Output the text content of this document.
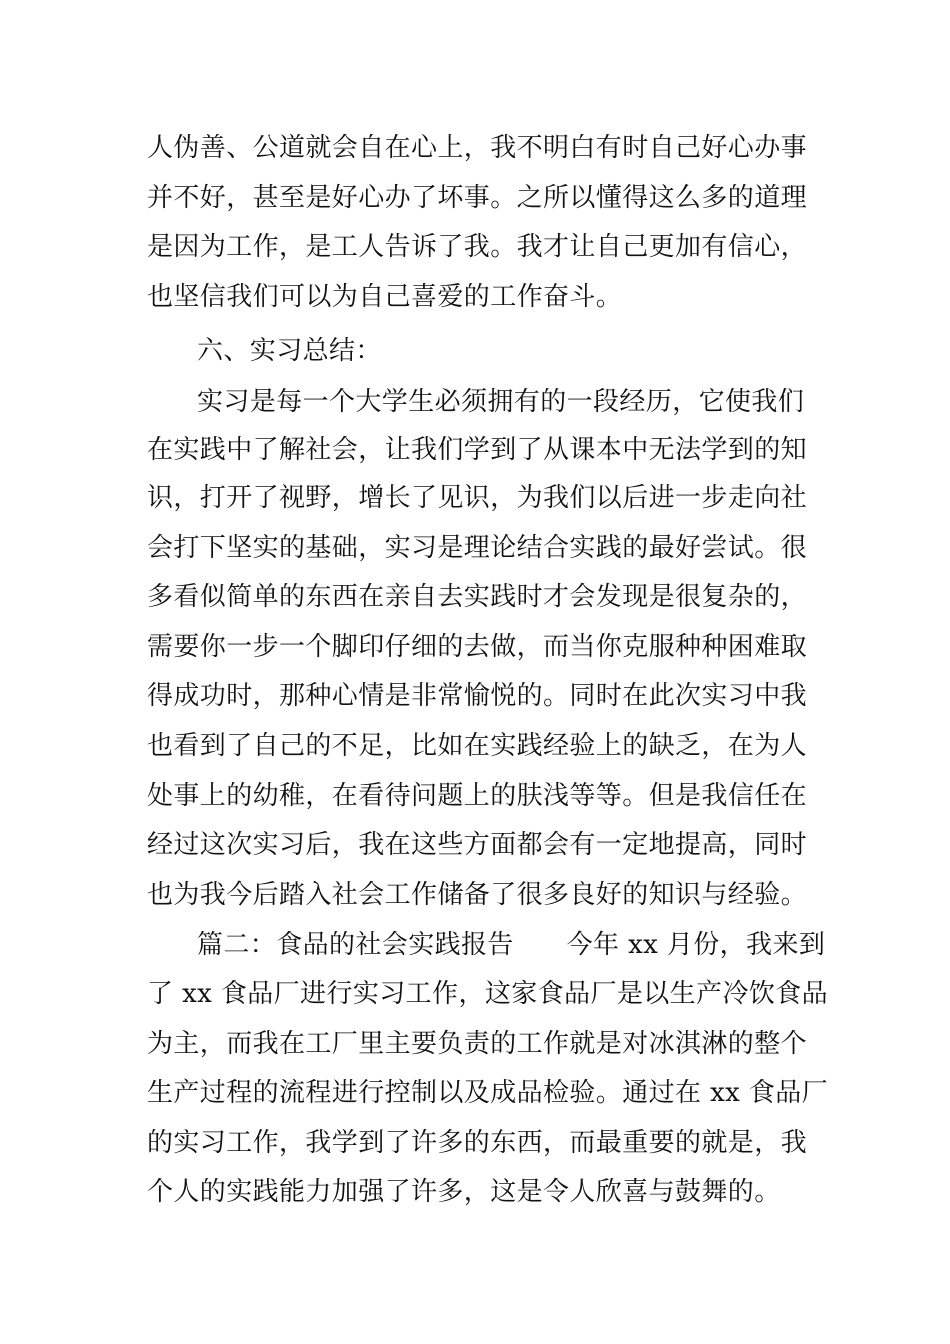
人伪善、公道就会自在心上，我不明白有时自己好心办事
并不好，甚至是好心办了坏事。之所以懂得这么多的道理
是因为工作，是工人告诉了我。我才让自己更加有信心，
也坚信我们可以为自己喜爱的工作奋斗。
六、实习总结：
实习是每一个大学生必须拥有的一段经历，它使我们
在实践中了解社会，让我们学到了从课本中无法学到的知
识，打开了视野，增长了见识，为我们以后进一步走向社
会打下坚实的基础，实习是理论结合实践的最好尝试。很
多看似简单的东西在亲自去实践时才会发现是很复杂的，
需要你一步一个脚印仔细的去做，而当你克服种种困难取
得成功时，那种心情是非常愉悦的。同时在此次实习中我
也看到了自己的不足，比如在实践经验上的缺乏，在为人
处事上的幼稚，在看待问题上的肤浅等等。但是我信任在
经过这次实习后，我在这些方面都会有一定地提高，同时
也为我今后踏入社会工作储备了很多良好的知识与经验。
篇二：食品的社会实践报告　　今年 xx 月份，我来到
了 xx 食品厂进行实习工作，这家食品厂是以生产冷饮食品
为主，而我在工厂里主要负责的工作就是对冰淇淋的整个
生产过程的流程进行控制以及成品检验。通过在 xx 食品厂
的实习工作，我学到了许多的东西，而最重要的就是，我
个人的实践能力加强了许多，这是令人欣喜与鼓舞的。
